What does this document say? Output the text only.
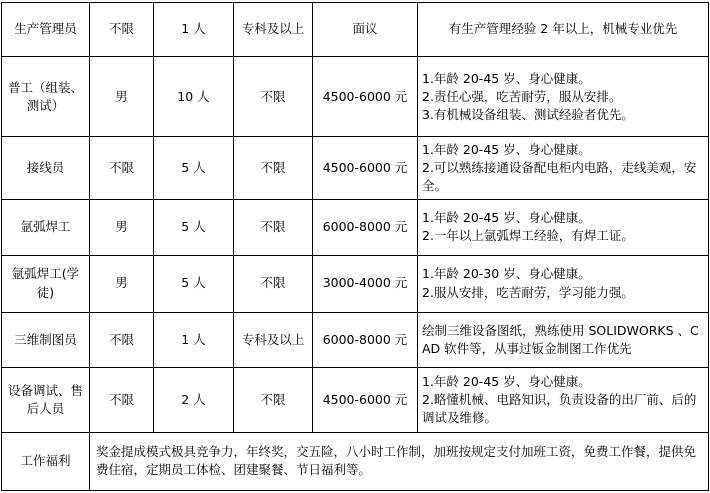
生产管理员	不限	1 人	专科及以上	面议	有生产管理经验 2 年以上，机械专业优先

普工（组装、测试）	男	10 人	不限	4500-6000 元	1.年龄 20-45 岁、身心健康。
2.责任心强，吃苦耐劳，服从安排。
3.有机械设备组装、测试经验者优先。

接线员	不限	5 人	不限	4500-6000 元	1.年龄 20-45 岁、身心健康。
2.可以熟练接通设备配电柜内电路，走线美观，安全。

氩弧焊工	男	5 人	不限	6000-8000 元	1.年龄 20-45 岁、身心健康。
2.一年以上氩弧焊工经验，有焊工证。

氩弧焊工(学徒)	男	5 人	不限	3000-4000 元	1.年龄 20-30 岁、身心健康。
2.服从安排，吃苦耐劳，学习能力强。

三维制图员	不限	1 人	专科及以上	6000-8000 元	绘制三维设备图纸，熟练使用 SOLIDWORKS 、CAD 软件等，从事过钣金制图工作优先

设备调试、售后人员	不限	2 人	不限	4500-6000 元	1.年龄 20-45 岁、身心健康。
2.略懂机械、电路知识，负责设备的出厂前、后的调试及维修。

工作福利	奖金提成模式极具竞争力，年终奖，交五险，八小时工作制，加班按规定支付加班工资，免费工作餐，提供免费住宿，定期员工体检、团建聚餐、节日福利等。				
